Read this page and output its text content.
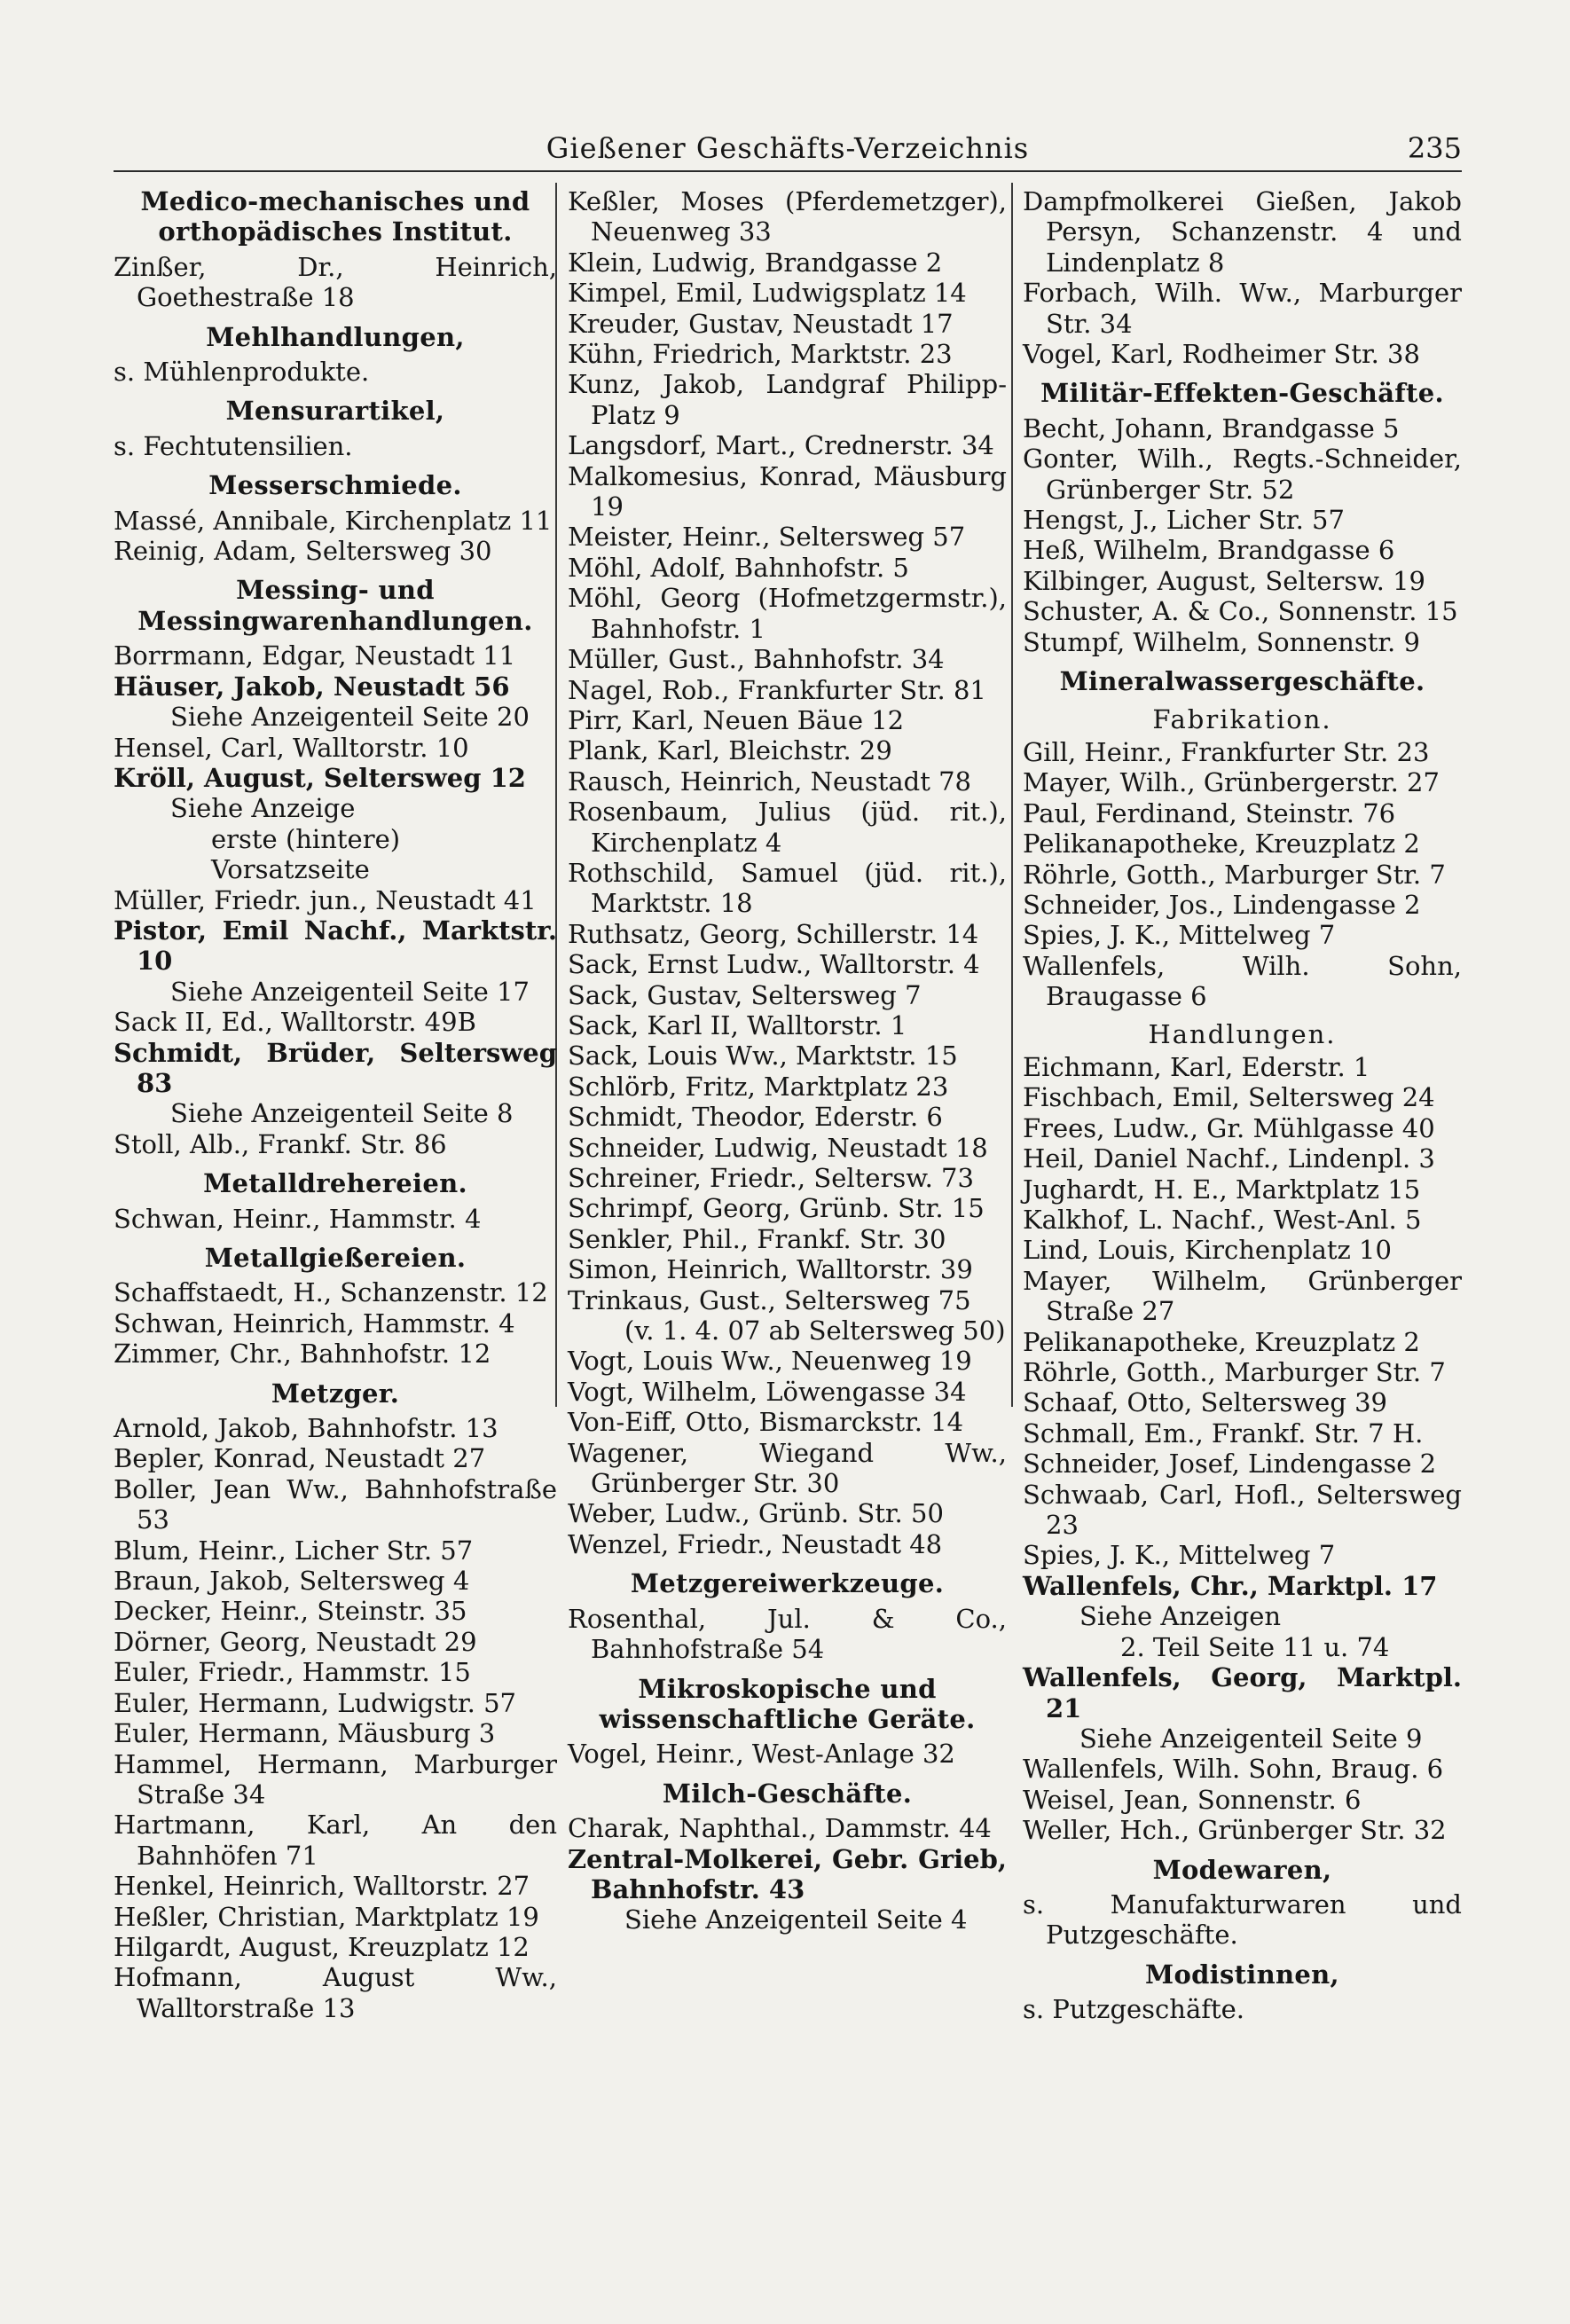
Gießener Geschäfts-Verzeichnis	235
Medico-mechanisches und orthopädisches Institut.
Zinßer, Dr., Heinrich, Goethestraße 18
Mehlhandlungen,
s. Mühlenprodukte.
Mensurartikel,
s. Fechtutensilien.
Messerschmiede.
Massé, Annibale, Kirchenplatz 11
Reinig, Adam, Seltersweg 30
Messing- und Messingwarenhandlungen.
Borrmann, Edgar, Neustadt 11
Häuser, Jakob, Neustadt 56
Siehe Anzeigenteil Seite 20
Hensel, Carl, Walltorstr. 10
Kröll, August, Seltersweg 12
Siehe Anzeige
erste (hintere) Vorsatzseite
Müller, Friedr. jun., Neustadt 41
Pistor, Emil Nachf., Marktstr. 10
Siehe Anzeigenteil Seite 17
Sack II, Ed., Walltorstr. 49B
Schmidt, Brüder, Seltersweg 83
Siehe Anzeigenteil Seite 8
Stoll, Alb., Frankf. Str. 86
Metalldrehereien.
Schwan, Heinr., Hammstr. 4
Metallgießereien.
Schaffstaedt, H., Schanzenstr. 12
Schwan, Heinrich, Hammstr. 4
Zimmer, Chr., Bahnhofstr. 12
Metzger.
Arnold, Jakob, Bahnhofstr. 13
Bepler, Konrad, Neustadt 27
Boller, Jean Ww., Bahnhofstraße 53
Blum, Heinr., Licher Str. 57
Braun, Jakob, Seltersweg 4
Decker, Heinr., Steinstr. 35
Dörner, Georg, Neustadt 29
Euler, Friedr., Hammstr. 15
Euler, Hermann, Ludwigstr. 57
Euler, Hermann, Mäusburg 3
Hammel, Hermann, Marburger Straße 34
Hartmann, Karl, An den Bahnhöfen 71
Henkel, Heinrich, Walltorstr. 27
Heßler, Christian, Marktplatz 19
Hilgardt, August, Kreuzplatz 12
Hofmann, August Ww., Walltorstraße 13
Keßler, Moses (Pferdemetzger), Neuenweg 33
Klein, Ludwig, Brandgasse 2
Kimpel, Emil, Ludwigsplatz 14
Kreuder, Gustav, Neustadt 17
Kühn, Friedrich, Marktstr. 23
Kunz, Jakob, Landgraf Philipp-Platz 9
Langsdorf, Mart., Crednerstr. 34
Malkomesius, Konrad, Mäusburg 19
Meister, Heinr., Seltersweg 57
Möhl, Adolf, Bahnhofstr. 5
Möhl, Georg (Hofmetzgermstr.), Bahnhofstr. 1
Müller, Gust., Bahnhofstr. 34
Nagel, Rob., Frankfurter Str. 81
Pirr, Karl, Neuen Bäue 12
Plank, Karl, Bleichstr. 29
Rausch, Heinrich, Neustadt 78
Rosenbaum, Julius (jüd. rit.), Kirchenplatz 4
Rothschild, Samuel (jüd. rit.), Marktstr. 18
Ruthsatz, Georg, Schillerstr. 14
Sack, Ernst Ludw., Walltorstr. 4
Sack, Gustav, Seltersweg 7
Sack, Karl II, Walltorstr. 1
Sack, Louis Ww., Marktstr. 15
Schlörb, Fritz, Marktplatz 23
Schmidt, Theodor, Ederstr. 6
Schneider, Ludwig, Neustadt 18
Schreiner, Friedr., Seltersw. 73
Schrimpf, Georg, Grünb. Str. 15
Senkler, Phil., Frankf. Str. 30
Simon, Heinrich, Walltorstr. 39
Trinkaus, Gust., Seltersweg 75
(v. 1. 4. 07 ab Seltersweg 50)
Vogt, Louis Ww., Neuenweg 19
Vogt, Wilhelm, Löwengasse 34
Von-Eiff, Otto, Bismarckstr. 14
Wagener, Wiegand Ww., Grünberger Str. 30
Weber, Ludw., Grünb. Str. 50
Wenzel, Friedr., Neustadt 48
Metzgereiwerkzeuge.
Rosenthal, Jul. & Co., Bahnhofstraße 54
Mikroskopische und wissenschaftliche Geräte.
Vogel, Heinr., West-Anlage 32
Milch-Geschäfte.
Charak, Naphthal., Dammstr. 44
Zentral-Molkerei, Gebr. Grieb, Bahnhofstr. 43
Siehe Anzeigenteil Seite 4
Dampfmolkerei Gießen, Jakob Persyn, Schanzenstr. 4 und Lindenplatz 8
Forbach, Wilh. Ww., Marburger Str. 34
Vogel, Karl, Rodheimer Str. 38
Militär-Effekten-Geschäfte.
Becht, Johann, Brandgasse 5
Gonter, Wilh., Regts.-Schneider, Grünberger Str. 52
Hengst, J., Licher Str. 57
Heß, Wilhelm, Brandgasse 6
Kilbinger, August, Seltersw. 19
Schuster, A. & Co., Sonnenstr. 15
Stumpf, Wilhelm, Sonnenstr. 9
Mineralwassergeschäfte.
Fabrikation.
Gill, Heinr., Frankfurter Str. 23
Mayer, Wilh., Grünbergerstr. 27
Paul, Ferdinand, Steinstr. 76
Pelikanapotheke, Kreuzplatz 2
Röhrle, Gotth., Marburger Str. 7
Schneider, Jos., Lindengasse 2
Spies, J. K., Mittelweg 7
Wallenfels, Wilh. Sohn, Braugasse 6
Handlungen.
Eichmann, Karl, Ederstr. 1
Fischbach, Emil, Seltersweg 24
Frees, Ludw., Gr. Mühlgasse 40
Heil, Daniel Nachf., Lindenpl. 3
Jughardt, H. E., Marktplatz 15
Kalkhof, L. Nachf., West-Anl. 5
Lind, Louis, Kirchenplatz 10
Mayer, Wilhelm, Grünberger Straße 27
Pelikanapotheke, Kreuzplatz 2
Röhrle, Gotth., Marburger Str. 7
Schaaf, Otto, Seltersweg 39
Schmall, Em., Frankf. Str. 7 H.
Schneider, Josef, Lindengasse 2
Schwaab, Carl, Hofl., Seltersweg 23
Spies, J. K., Mittelweg 7
Wallenfels, Chr., Marktpl. 17
Siehe Anzeigen
2. Teil Seite 11 u. 74
Wallenfels, Georg, Marktpl. 21
Siehe Anzeigenteil Seite 9
Wallenfels, Wilh. Sohn, Braug. 6
Weisel, Jean, Sonnenstr. 6
Weller, Hch., Grünberger Str. 32
Modewaren,
s. Manufakturwaren und Putzgeschäfte.
Modistinnen,
s. Putzgeschäfte.
